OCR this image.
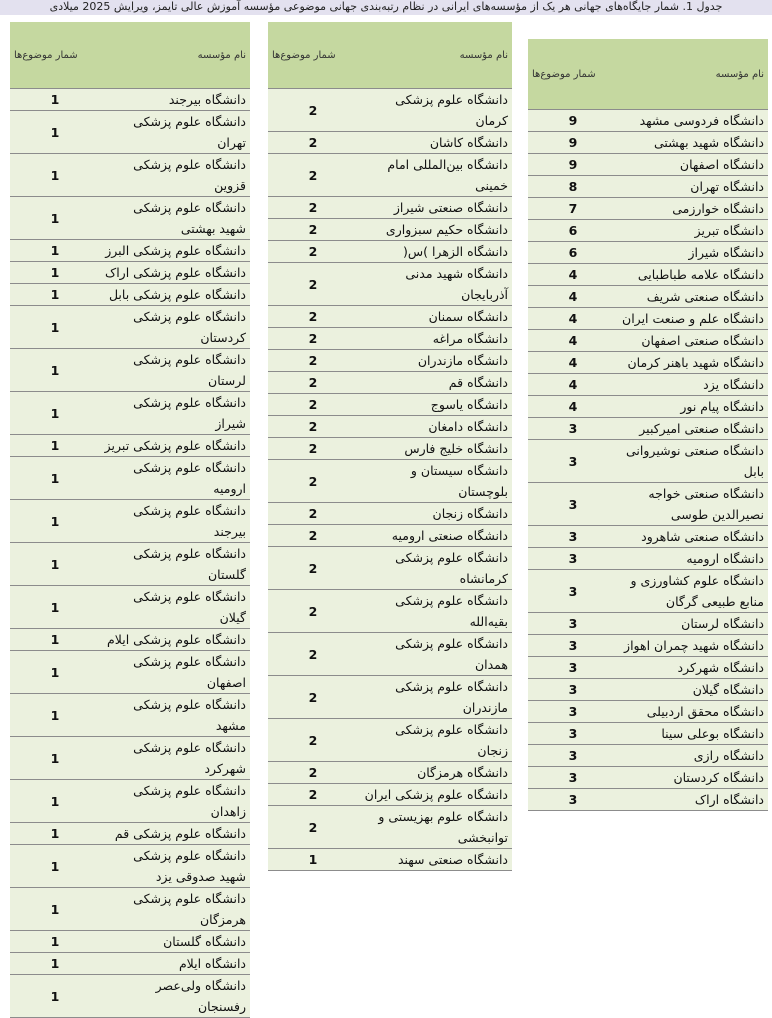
جدول 1. شمار جایگاه‌های جهانی هر یک از مؤسسه‌های ایرانی در نظام رتبه‌بندی جهانی موضوعی مؤسسه آموزش عالی تایمز، ویرایش 2025 میلادی
نام مؤسسه	شمار موضوع‌ها
دانشگاه فردوسی مشهد	9
دانشگاه شهید بهشتی	9
دانشگاه اصفهان	9
دانشگاه تهران	8
دانشگاه خوارزمی	7
دانشگاه تبریز	6
دانشگاه شیراز	6
دانشگاه علامه طباطبایی	4
دانشگاه صنعتی شریف	4
دانشگاه علم و صنعت ایران	4
دانشگاه صنعتی اصفهان	4
دانشگاه شهید باهنر کرمان	4
دانشگاه یزد	4
دانشگاه پیام نور	4
دانشگاه صنعتی امیرکبیر	3
دانشگاه صنعتی نوشیروانی بابل	3
دانشگاه صنعتی خواجه نصیرالدین طوسی	3
دانشگاه صنعتی شاهرود	3
دانشگاه ارومیه	3
دانشگاه علوم کشاورزی و منابع طبیعی گرگان	3
دانشگاه لرستان	3
دانشگاه شهید چمران اهواز	3
دانشگاه شهرکرد	3
دانشگاه گیلان	3
دانشگاه محقق اردبیلی	3
دانشگاه بوعلی سینا	3
دانشگاه رازی	3
دانشگاه کردستان	3
دانشگاه اراک	3
نام مؤسسه	شمار موضوع‌ها
دانشگاه علوم پزشکی کرمان	2
دانشگاه کاشان	2
دانشگاه بین‌المللی امام خمینی	2
دانشگاه صنعتی شیراز	2
دانشگاه حکیم سبزواری	2
دانشگاه الزهرا )س(	2
دانشگاه شهید مدنی آذربایجان	2
دانشگاه سمنان	2
دانشگاه مراغه	2
دانشگاه مازندران	2
دانشگاه قم	2
دانشگاه یاسوج	2
دانشگاه دامغان	2
دانشگاه خلیج فارس	2
دانشگاه سیستان و بلوچستان	2
دانشگاه زنجان	2
دانشگاه صنعتی ارومیه	2
دانشگاه علوم پزشکی کرمانشاه	2
دانشگاه علوم پزشکی بقیه‌الله	2
دانشگاه علوم پزشکی همدان	2
دانشگاه علوم پزشکی مازندران	2
دانشگاه علوم پزشکی زنجان	2
دانشگاه هرمزگان	2
دانشگاه علوم پزشکی ایران	2
دانشگاه علوم بهزیستی و توانبخشی	2
دانشگاه صنعتی سهند	1
نام مؤسسه	شمار موضوع‌ها
دانشگاه بیرجند	1
دانشگاه علوم پزشکی تهران	1
دانشگاه علوم پزشکی قزوین	1
دانشگاه علوم پزشکی شهید بهشتی	1
دانشگاه علوم پزشکی البرز	1
دانشگاه علوم پزشکی اراک	1
دانشگاه علوم پزشکی بابل	1
دانشگاه علوم پزشکی کردستان	1
دانشگاه علوم پزشکی لرستان	1
دانشگاه علوم پزشکی شیراز	1
دانشگاه علوم پزشکی تبریز	1
دانشگاه علوم پزشکی ارومیه	1
دانشگاه علوم پزشکی بیرجند	1
دانشگاه علوم پزشکی گلستان	1
دانشگاه علوم پزشکی گیلان	1
دانشگاه علوم پزشکی ایلام	1
دانشگاه علوم پزشکی اصفهان	1
دانشگاه علوم پزشکی مشهد	1
دانشگاه علوم پزشکی شهرکرد	1
دانشگاه علوم پزشکی زاهدان	1
دانشگاه علوم پزشکی قم	1
دانشگاه علوم پزشکی شهید صدوقی یزد	1
دانشگاه علوم پزشکی هرمزگان	1
دانشگاه گلستان	1
دانشگاه ایلام	1
دانشگاه ولی‌عصر رفسنجان	1
